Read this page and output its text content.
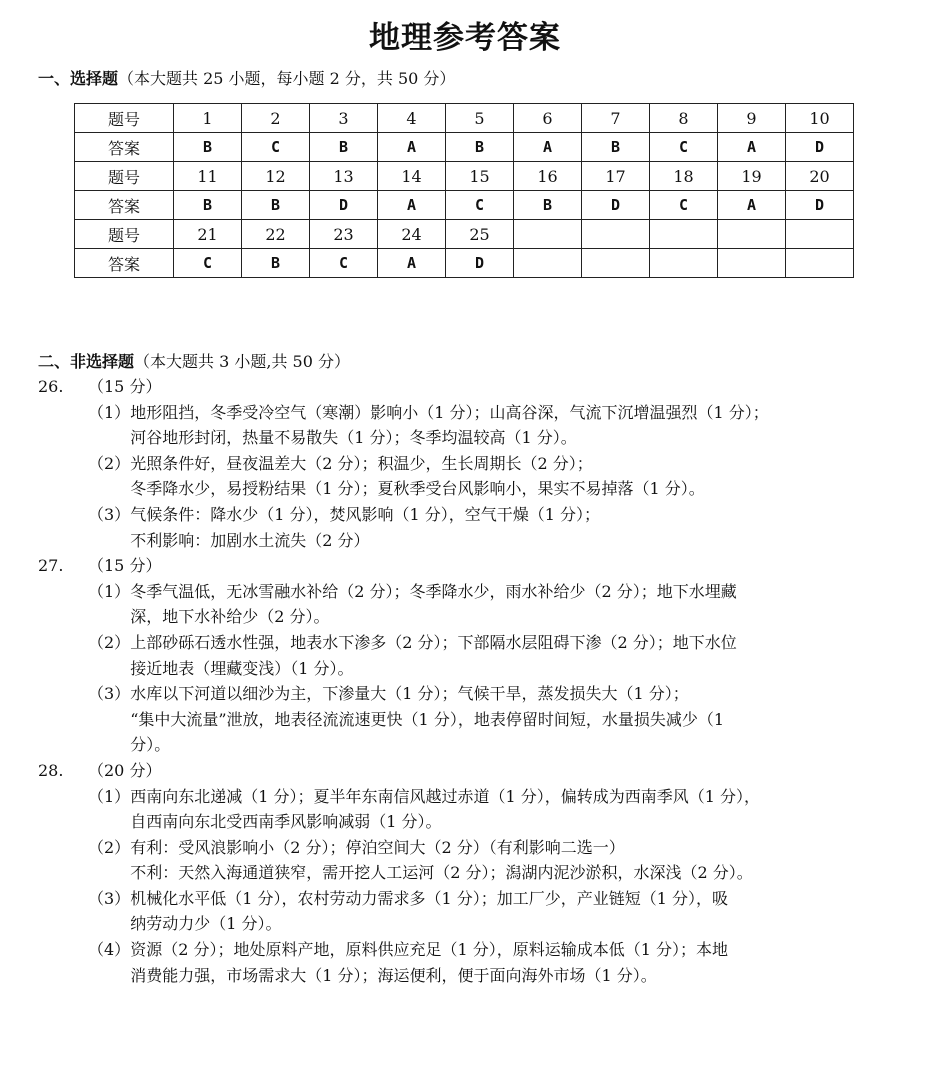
地理参考答案
一、选择题（本大题共 25 小题，每小题 2 分，共 50 分）
题号	1	2	3	4	5	6	7	8	9	10
答案	B	C	B	A	B	A	B	C	A	D
题号	11	12	13	14	15	16	17	18	19	20
答案	B	B	D	A	C	B	D	C	A	D
题号	21	22	23	24	25					
答案	C	B	C	A	D					
二、非选择题（本大题共 3 小题,共 50 分）
26. （15 分）
（1） 地形阻挡，冬季受冷空气（寒潮）影响小（1 分）；山高谷深，气流下沉增温强烈（1 分）；
河谷地形封闭，热量不易散失（1 分）；冬季均温较高（1 分）。
（2） 光照条件好，昼夜温差大（2 分）；积温少，生长周期长（2 分）；
冬季降水少，易授粉结果（1 分）；夏秋季受台风影响小，果实不易掉落（1 分）。
（3） 气候条件：降水少（1 分），焚风影响（1 分），空气干燥（1 分）；
不利影响：加剧水土流失（2 分）
27. （15 分）
（1） 冬季气温低，无冰雪融水补给（2 分）；冬季降水少，雨水补给少（2 分）；地下水埋藏
深，地下水补给少（2 分）。
（2） 上部砂砾石透水性强，地表水下渗多（2 分）；下部隔水层阻碍下渗（2 分）；地下水位
接近地表（埋藏变浅）（1 分）。
（3） 水库以下河道以细沙为主，下渗量大（1 分）；气候干旱，蒸发损失大（1 分）；
“集中大流量”泄放，地表径流流速更快（1 分），地表停留时间短，水量损失减少（1
分）。
28. （20 分）
（1） 西南向东北递减（1 分）；夏半年东南信风越过赤道（1 分），偏转成为西南季风（1 分），
自西南向东北受西南季风影响减弱（1 分）。
（2） 有利：受风浪影响小（2 分）；停泊空间大（2 分）（有利影响二选一）
不利：天然入海通道狭窄，需开挖人工运河（2 分）；潟湖内泥沙淤积，水深浅（2 分）。
（3） 机械化水平低（1 分），农村劳动力需求多（1 分）；加工厂少，产业链短（1 分），吸
纳劳动力少（1 分）。
（4） 资源（2 分）；地处原料产地，原料供应充足（1 分），原料运输成本低（1 分）；本地
消费能力强，市场需求大（1 分）；海运便利，便于面向海外市场（1 分）。
